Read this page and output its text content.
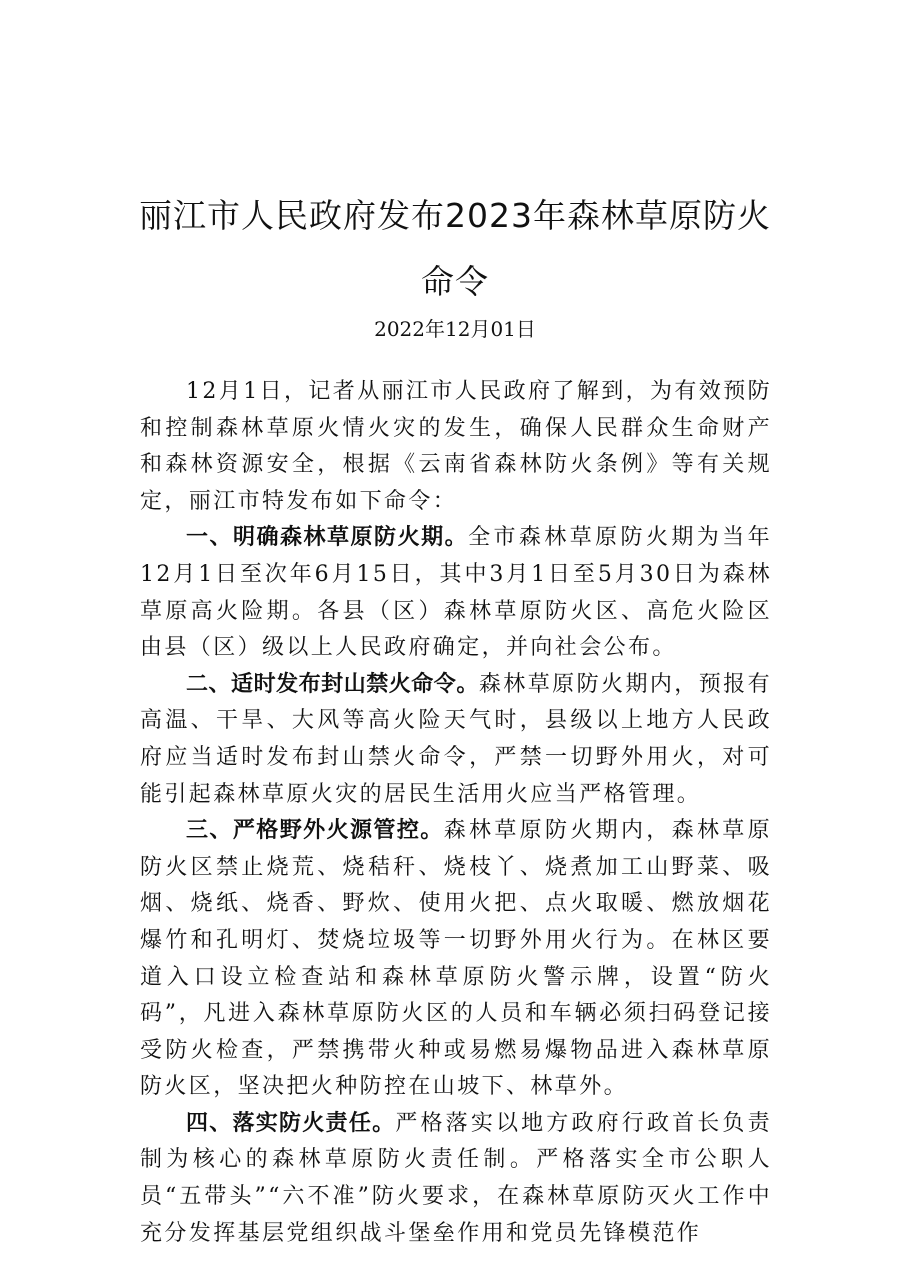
丽江市人民政府发布2023年森林草原防火
命令
2022年12月01日

12月1日，记者从丽江市人民政府了解到，为有效预防和控制森林草原火情火灾的发生，确保人民群众生命财产和森林资源安全，根据《云南省森林防火条例》等有关规定，丽江市特发布如下命令：

一、明确森林草原防火期。全市森林草原防火期为当年12月1日至次年6月15日，其中3月1日至5月30日为森林草原高火险期。各县（区）森林草原防火区、高危火险区由县（区）级以上人民政府确定，并向社会公布。

二、适时发布封山禁火命令。森林草原防火期内，预报有高温、干旱、大风等高火险天气时，县级以上地方人民政府应当适时发布封山禁火命令，严禁一切野外用火，对可能引起森林草原火灾的居民生活用火应当严格管理。

三、严格野外火源管控。森林草原防火期内，森林草原防火区禁止烧荒、烧秸秆、烧枝丫、烧煮加工山野菜、吸烟、烧纸、烧香、野炊、使用火把、点火取暖、燃放烟花爆竹和孔明灯、焚烧垃圾等一切野外用火行为。在林区要道入口设立检查站和森林草原防火警示牌，设置“防火码”，凡进入森林草原防火区的人员和车辆必须扫码登记接受防火检查，严禁携带火种或易燃易爆物品进入森林草原防火区，坚决把火种防控在山坡下、林草外。

四、落实防火责任。严格落实以地方政府行政首长负责制为核心的森林草原防火责任制。严格落实全市公职人员“五带头”“六不准”防火要求，在森林草原防灭火工作中充分发挥基层党组织战斗堡垒作用和党员先锋模范作
